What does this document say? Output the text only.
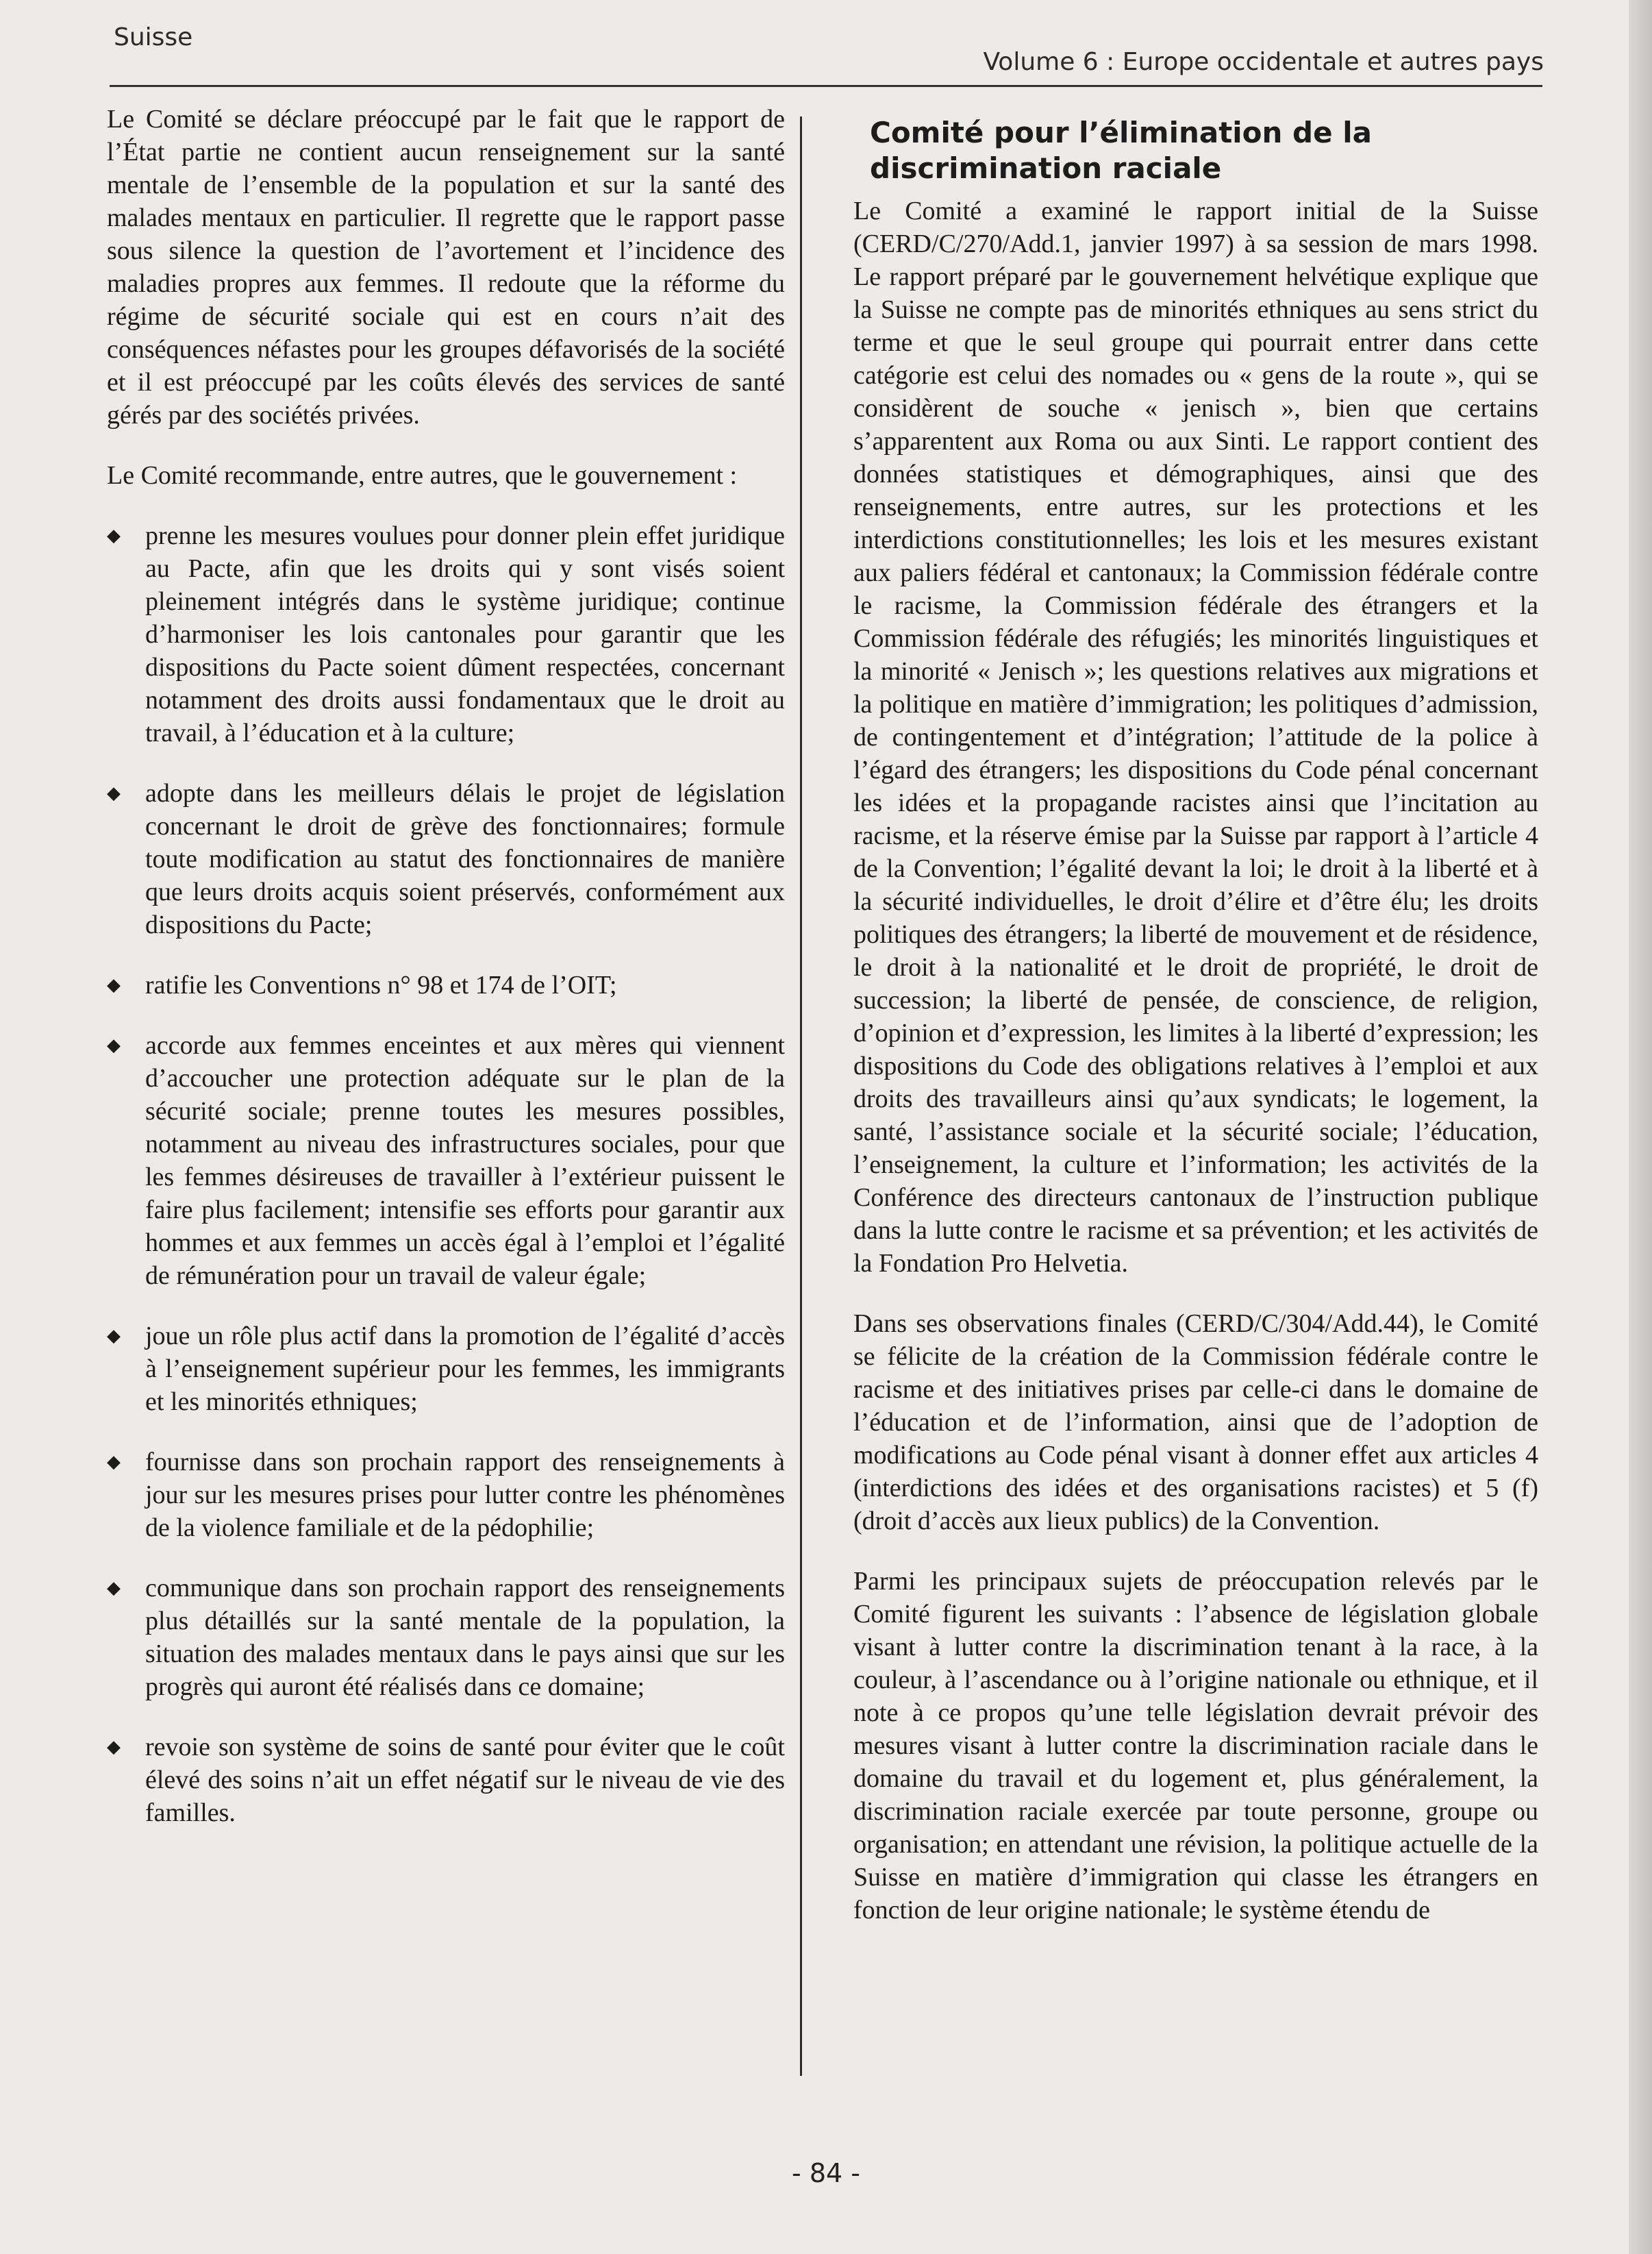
Suisse
Volume 6 : Europe occidentale et autres pays

Le Comité se déclare préoccupé par le fait que le rapport de l’État partie ne contient aucun renseignement sur la santé mentale de l’ensemble de la population et sur la santé des malades mentaux en particulier. Il regrette que le rapport passe sous silence la question de l’avortement et l’incidence des maladies propres aux femmes. Il redoute que la réforme du régime de sécurité sociale qui est en cours n’ait des conséquences néfastes pour les groupes défavorisés de la société et il est préoccupé par les coûts élevés des services de santé gérés par des sociétés privées.

Le Comité recommande, entre autres, que le gouvernement :

◆ prenne les mesures voulues pour donner plein effet juridique au Pacte, afin que les droits qui y sont visés soient pleinement intégrés dans le système juridique; continue d’harmoniser les lois cantonales pour garantir que les dispositions du Pacte soient dûment respectées, concernant notamment des droits aussi fondamentaux que le droit au travail, à l’éducation et à la culture;
◆ adopte dans les meilleurs délais le projet de législation concernant le droit de grève des fonctionnaires; formule toute modification au statut des fonctionnaires de manière que leurs droits acquis soient préservés, conformément aux dispositions du Pacte;
◆ ratifie les Conventions n° 98 et 174 de l’OIT;
◆ accorde aux femmes enceintes et aux mères qui viennent d’accoucher une protection adéquate sur le plan de la sécurité sociale; prenne toutes les mesures possibles, notamment au niveau des infrastructures sociales, pour que les femmes désireuses de travailler à l’extérieur puissent le faire plus facilement; intensifie ses efforts pour garantir aux hommes et aux femmes un accès égal à l’emploi et l’égalité de rémunération pour un travail de valeur égale;
◆ joue un rôle plus actif dans la promotion de l’égalité d’accès à l’enseignement supérieur pour les femmes, les immigrants et les minorités ethniques;
◆ fournisse dans son prochain rapport des renseignements à jour sur les mesures prises pour lutter contre les phénomènes de la violence familiale et de la pédophilie;
◆ communique dans son prochain rapport des renseignements plus détaillés sur la santé mentale de la population, la situation des malades mentaux dans le pays ainsi que sur les progrès qui auront été réalisés dans ce domaine;
◆ revoie son système de soins de santé pour éviter que le coût élevé des soins n’ait un effet négatif sur le niveau de vie des familles.
Comité pour l’élimination de la discrimination raciale

Le Comité a examiné le rapport initial de la Suisse (CERD/C/270/Add.1, janvier 1997) à sa session de mars 1998. Le rapport préparé par le gouvernement helvétique explique que la Suisse ne compte pas de minorités ethniques au sens strict du terme et que le seul groupe qui pourrait entrer dans cette catégorie est celui des nomades ou « gens de la route », qui se considèrent de souche « jenisch », bien que certains s’apparentent aux Roma ou aux Sinti. Le rapport contient des données statistiques et démographiques, ainsi que des renseignements, entre autres, sur les protections et les interdictions constitutionnelles; les lois et les mesures existant aux paliers fédéral et cantonaux; la Commission fédérale contre le racisme, la Commission fédérale des étrangers et la Commission fédérale des réfugiés; les minorités linguistiques et la minorité « Jenisch »; les questions relatives aux migrations et la politique en matière d’immigration; les politiques d’admission, de contingentement et d’intégration; l’attitude de la police à l’égard des étrangers; les dispositions du Code pénal concernant les idées et la propagande racistes ainsi que l’incitation au racisme, et la réserve émise par la Suisse par rapport à l’article 4 de la Convention; l’égalité devant la loi; le droit à la liberté et à la sécurité individuelles, le droit d’élire et d’être élu; les droits politiques des étrangers; la liberté de mouvement et de résidence, le droit à la nationalité et le droit de propriété, le droit de succession; la liberté de pensée, de conscience, de religion, d’opinion et d’expression, les limites à la liberté d’expression; les dispositions du Code des obligations relatives à l’emploi et aux droits des travailleurs ainsi qu’aux syndicats; le logement, la santé, l’assistance sociale et la sécurité sociale; l’éducation, l’enseignement, la culture et l’information; les activités de la Conférence des directeurs cantonaux de l’instruction publique dans la lutte contre le racisme et sa prévention; et les activités de la Fondation Pro Helvetia.

Dans ses observations finales (CERD/C/304/Add.44), le Comité se félicite de la création de la Commission fédérale contre le racisme et des initiatives prises par celle-ci dans le domaine de l’éducation et de l’information, ainsi que de l’adoption de modifications au Code pénal visant à donner effet aux articles 4 (interdictions des idées et des organisations racistes) et 5 (f) (droit d’accès aux lieux publics) de la Convention.

Parmi les principaux sujets de préoccupation relevés par le Comité figurent les suivants : l’absence de législation globale visant à lutter contre la discrimination tenant à la race, à la couleur, à l’ascendance ou à l’origine nationale ou ethnique, et il note à ce propos qu’une telle législation devrait prévoir des mesures visant à lutter contre la discrimination raciale dans le domaine du travail et du logement et, plus généralement, la discrimination raciale exercée par toute personne, groupe ou organisation; en attendant une révision, la politique actuelle de la Suisse en matière d’immigration qui classe les étrangers en fonction de leur origine nationale; le système étendu de

- 84 -
